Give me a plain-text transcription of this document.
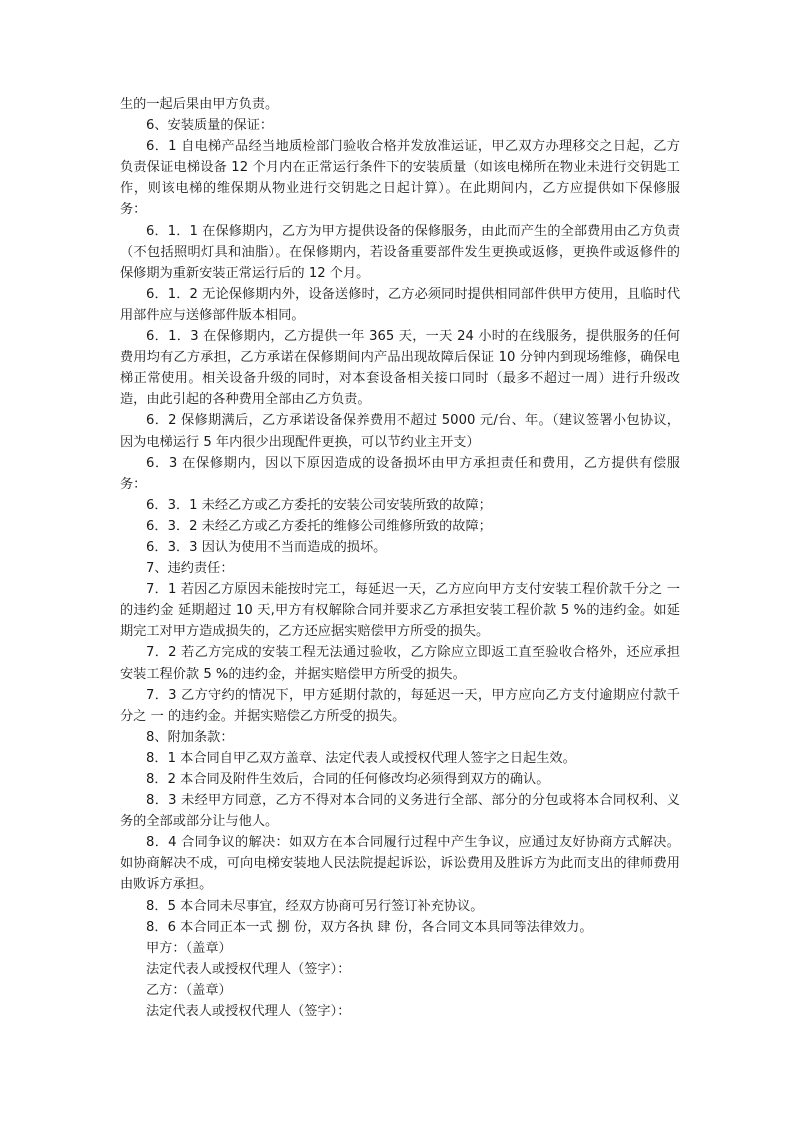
生的一起后果由甲方负责。

6、安装质量的保证：

6．1 自电梯产品经当地质检部门验收合格并发放准运证，甲乙双方办理移交之日起，乙方负责保证电梯设备 12 个月内在正常运行条件下的安装质量（如该电梯所在物业未进行交钥匙工作，则该电梯的维保期从物业进行交钥匙之日起计算）。在此期间内，乙方应提供如下保修服务：

6．1．1 在保修期内，乙方为甲方提供设备的保修服务，由此而产生的全部费用由乙方负责（不包括照明灯具和油脂）。在保修期内，若设备重要部件发生更换或返修，更换件或返修件的保修期为重新安装正常运行后的 12 个月。

6．1．2 无论保修期内外，设备送修时，乙方必须同时提供相同部件供甲方使用，且临时代用部件应与送修部件版本相同。

6．1．3 在保修期内，乙方提供一年 365 天，一天 24 小时的在线服务，提供服务的任何费用均有乙方承担，乙方承诺在保修期间内产品出现故障后保证 10 分钟内到现场维修，确保电梯正常使用。相关设备升级的同时，对本套设备相关接口同时（最多不超过一周）进行升级改造，由此引起的各种费用全部由乙方负责。

6．2 保修期满后，乙方承诺设备保养费用不超过 5000 元/台、年。（建议签署小包协议，因为电梯运行 5 年内很少出现配件更换，可以节约业主开支）

6．3 在保修期内，因以下原因造成的设备损坏由甲方承担责任和费用，乙方提供有偿服务：

6．3．1 未经乙方或乙方委托的安装公司安装所致的故障；

6．3．2 未经乙方或乙方委托的维修公司维修所致的故障；

6．3．3 因认为使用不当而造成的损坏。

7、违约责任：

7．1 若因乙方原因未能按时完工，每延迟一天，乙方应向甲方支付安装工程价款千分之 一 的违约金 延期超过 10 天,甲方有权解除合同并要求乙方承担安装工程价款 5 %的违约金。如延期完工对甲方造成损失的，乙方还应据实赔偿甲方所受的损失。

7．2 若乙方完成的安装工程无法通过验收，乙方除应立即返工直至验收合格外，还应承担安装工程价款 5 %的违约金，并据实赔偿甲方所受的损失。

7．3 乙方守约的情况下，甲方延期付款的，每延迟一天，甲方应向乙方支付逾期应付款千分之 一 的违约金。并据实赔偿乙方所受的损失。

8、附加条款：

8．1 本合同自甲乙双方盖章、法定代表人或授权代理人签字之日起生效。

8．2 本合同及附件生效后，合同的任何修改均必须得到双方的确认。

8．3 未经甲方同意，乙方不得对本合同的义务进行全部、部分的分包或将本合同权利、义务的全部或部分让与他人。

8．4 合同争议的解决：如双方在本合同履行过程中产生争议，应通过友好协商方式解决。如协商解决不成，可向电梯安装地人民法院提起诉讼，诉讼费用及胜诉方为此而支出的律师费用由败诉方承担。

8．5 本合同未尽事宜，经双方协商可另行签订补充协议。

8．6 本合同正本一式 捌 份，双方各执 肆 份，各合同文本具同等法律效力。

甲方：（盖章）

法定代表人或授权代理人（签字）：

乙方：（盖章）

法定代表人或授权代理人（签字）：
